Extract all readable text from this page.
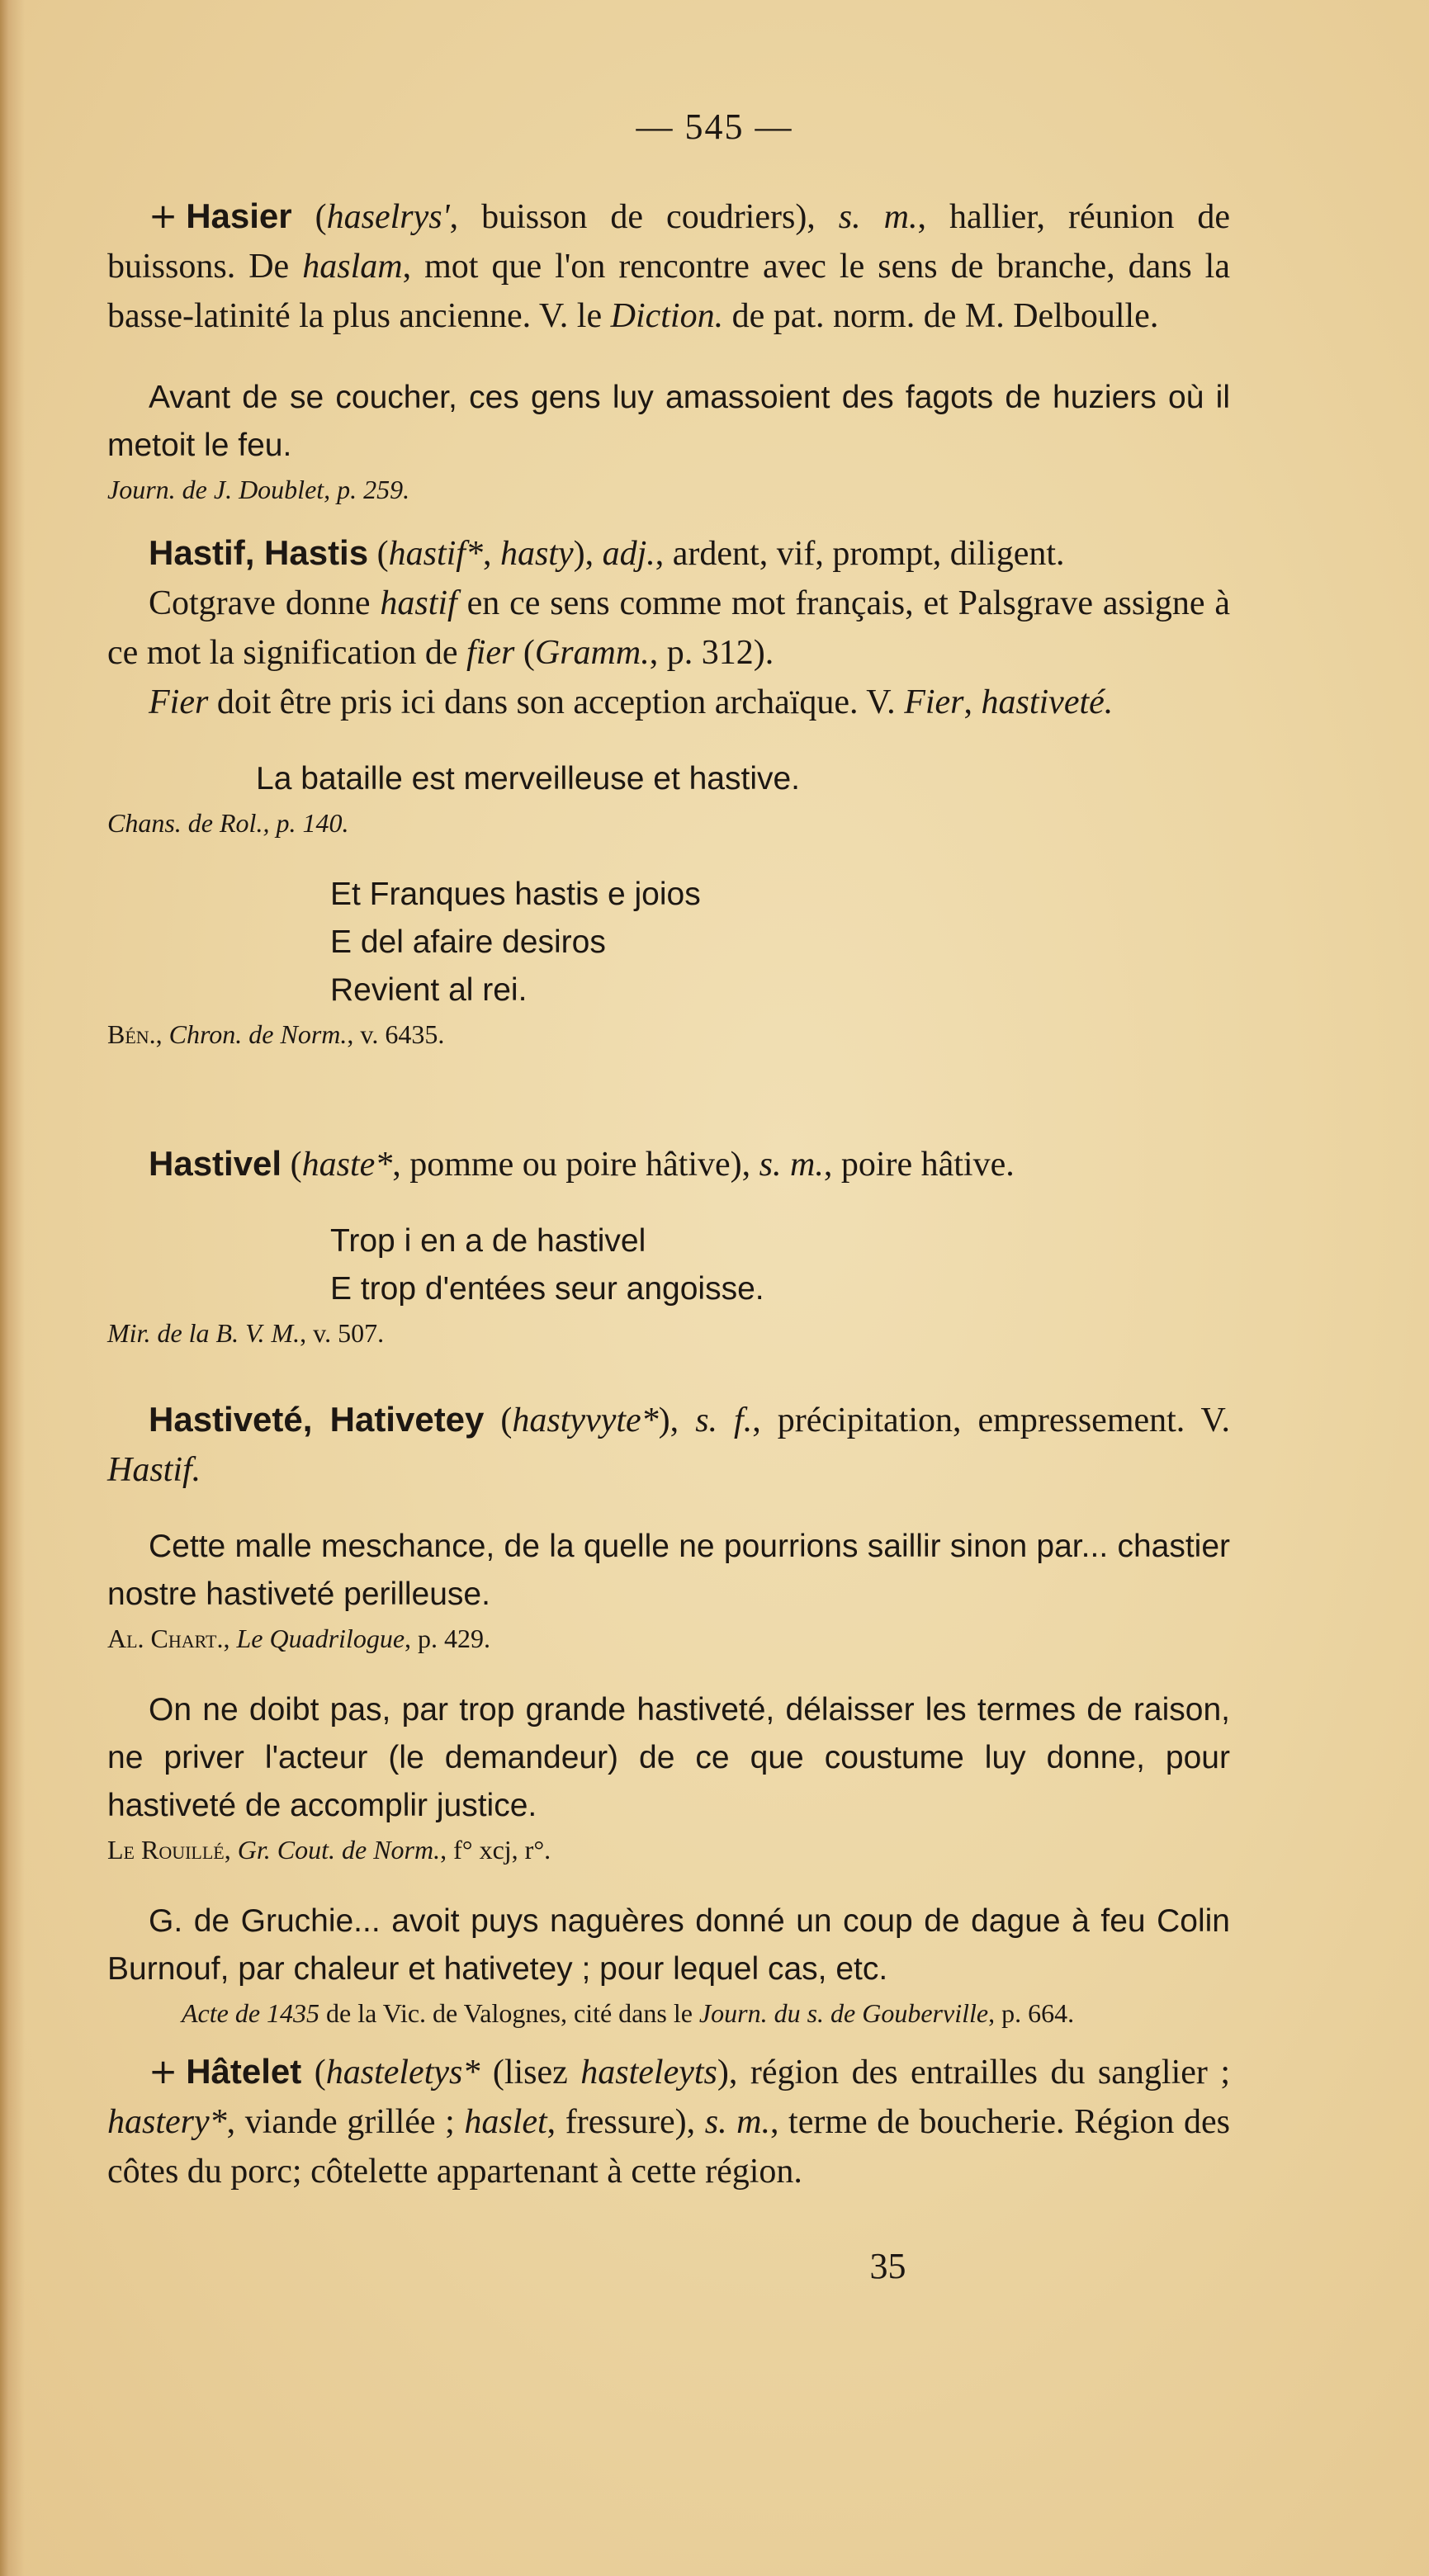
— 545 —

+ Hasier (haselrys', buisson de coudriers), s. m., hallier, réunion de buissons. De haslam, mot que l'on rencontre avec le sens de branche, dans la basse-latinité la plus ancienne. V. le Diction. de pat. norm. de M. Delboulle.

Avant de se coucher, ces gens luy amassoient des fagots de huziers où il metoit le feu.

Journ. de J. Doublet, p. 259.

Hastif, Hastis (hastif*, hasty), adj., ardent, vif, prompt, diligent.

Cotgrave donne hastif en ce sens comme mot français, et Palsgrave assigne à ce mot la signification de fier (Gramm., p. 312).

Fier doit être pris ici dans son acception archaïque. V. Fier, hastiveté.

La bataille est merveilleuse et hastive.

Chans. de Rol., p. 140.

Et Franques hastis e joios
E del afaire desiros
Revient al rei.

Bén., Chron. de Norm., v. 6435.

Hastivel (haste*, pomme ou poire hâtive), s. m., poire hâtive.

Trop i en a de hastivel
E trop d'entées seur angoisse.

Mir. de la B. V. M., v. 507.

Hastiveté, Hativetey (hastyvyte*), s. f., précipitation, empressement. V. Hastif.

Cette malle meschance, de la quelle ne pourrions saillir sinon par... chastier nostre hastiveté perilleuse.

Al. Chart., Le Quadrilogue, p. 429.

On ne doibt pas, par trop grande hastiveté, délaisser les termes de raison, ne priver l'acteur (le demandeur) de ce que coustume luy donne, pour hastiveté de accomplir justice.

Le Rouillé, Gr. Cout. de Norm., f° xcj, r°.

G. de Gruchie... avoit puys naguères donné un coup de dague à feu Colin Burnouf, par chaleur et hativetey ; pour lequel cas, etc.

Acte de 1435 de la Vic. de Valognes, cité dans le Journ. du s. de Gouberville, p. 664.

+ Hâtelet (hasteletys* (lisez hasteleyts), région des entrailles du sanglier ; hastery*, viande grillée ; haslet, fressure), s. m., terme de boucherie. Région des côtes du porc; côtelette appartenant à cette région.

35
